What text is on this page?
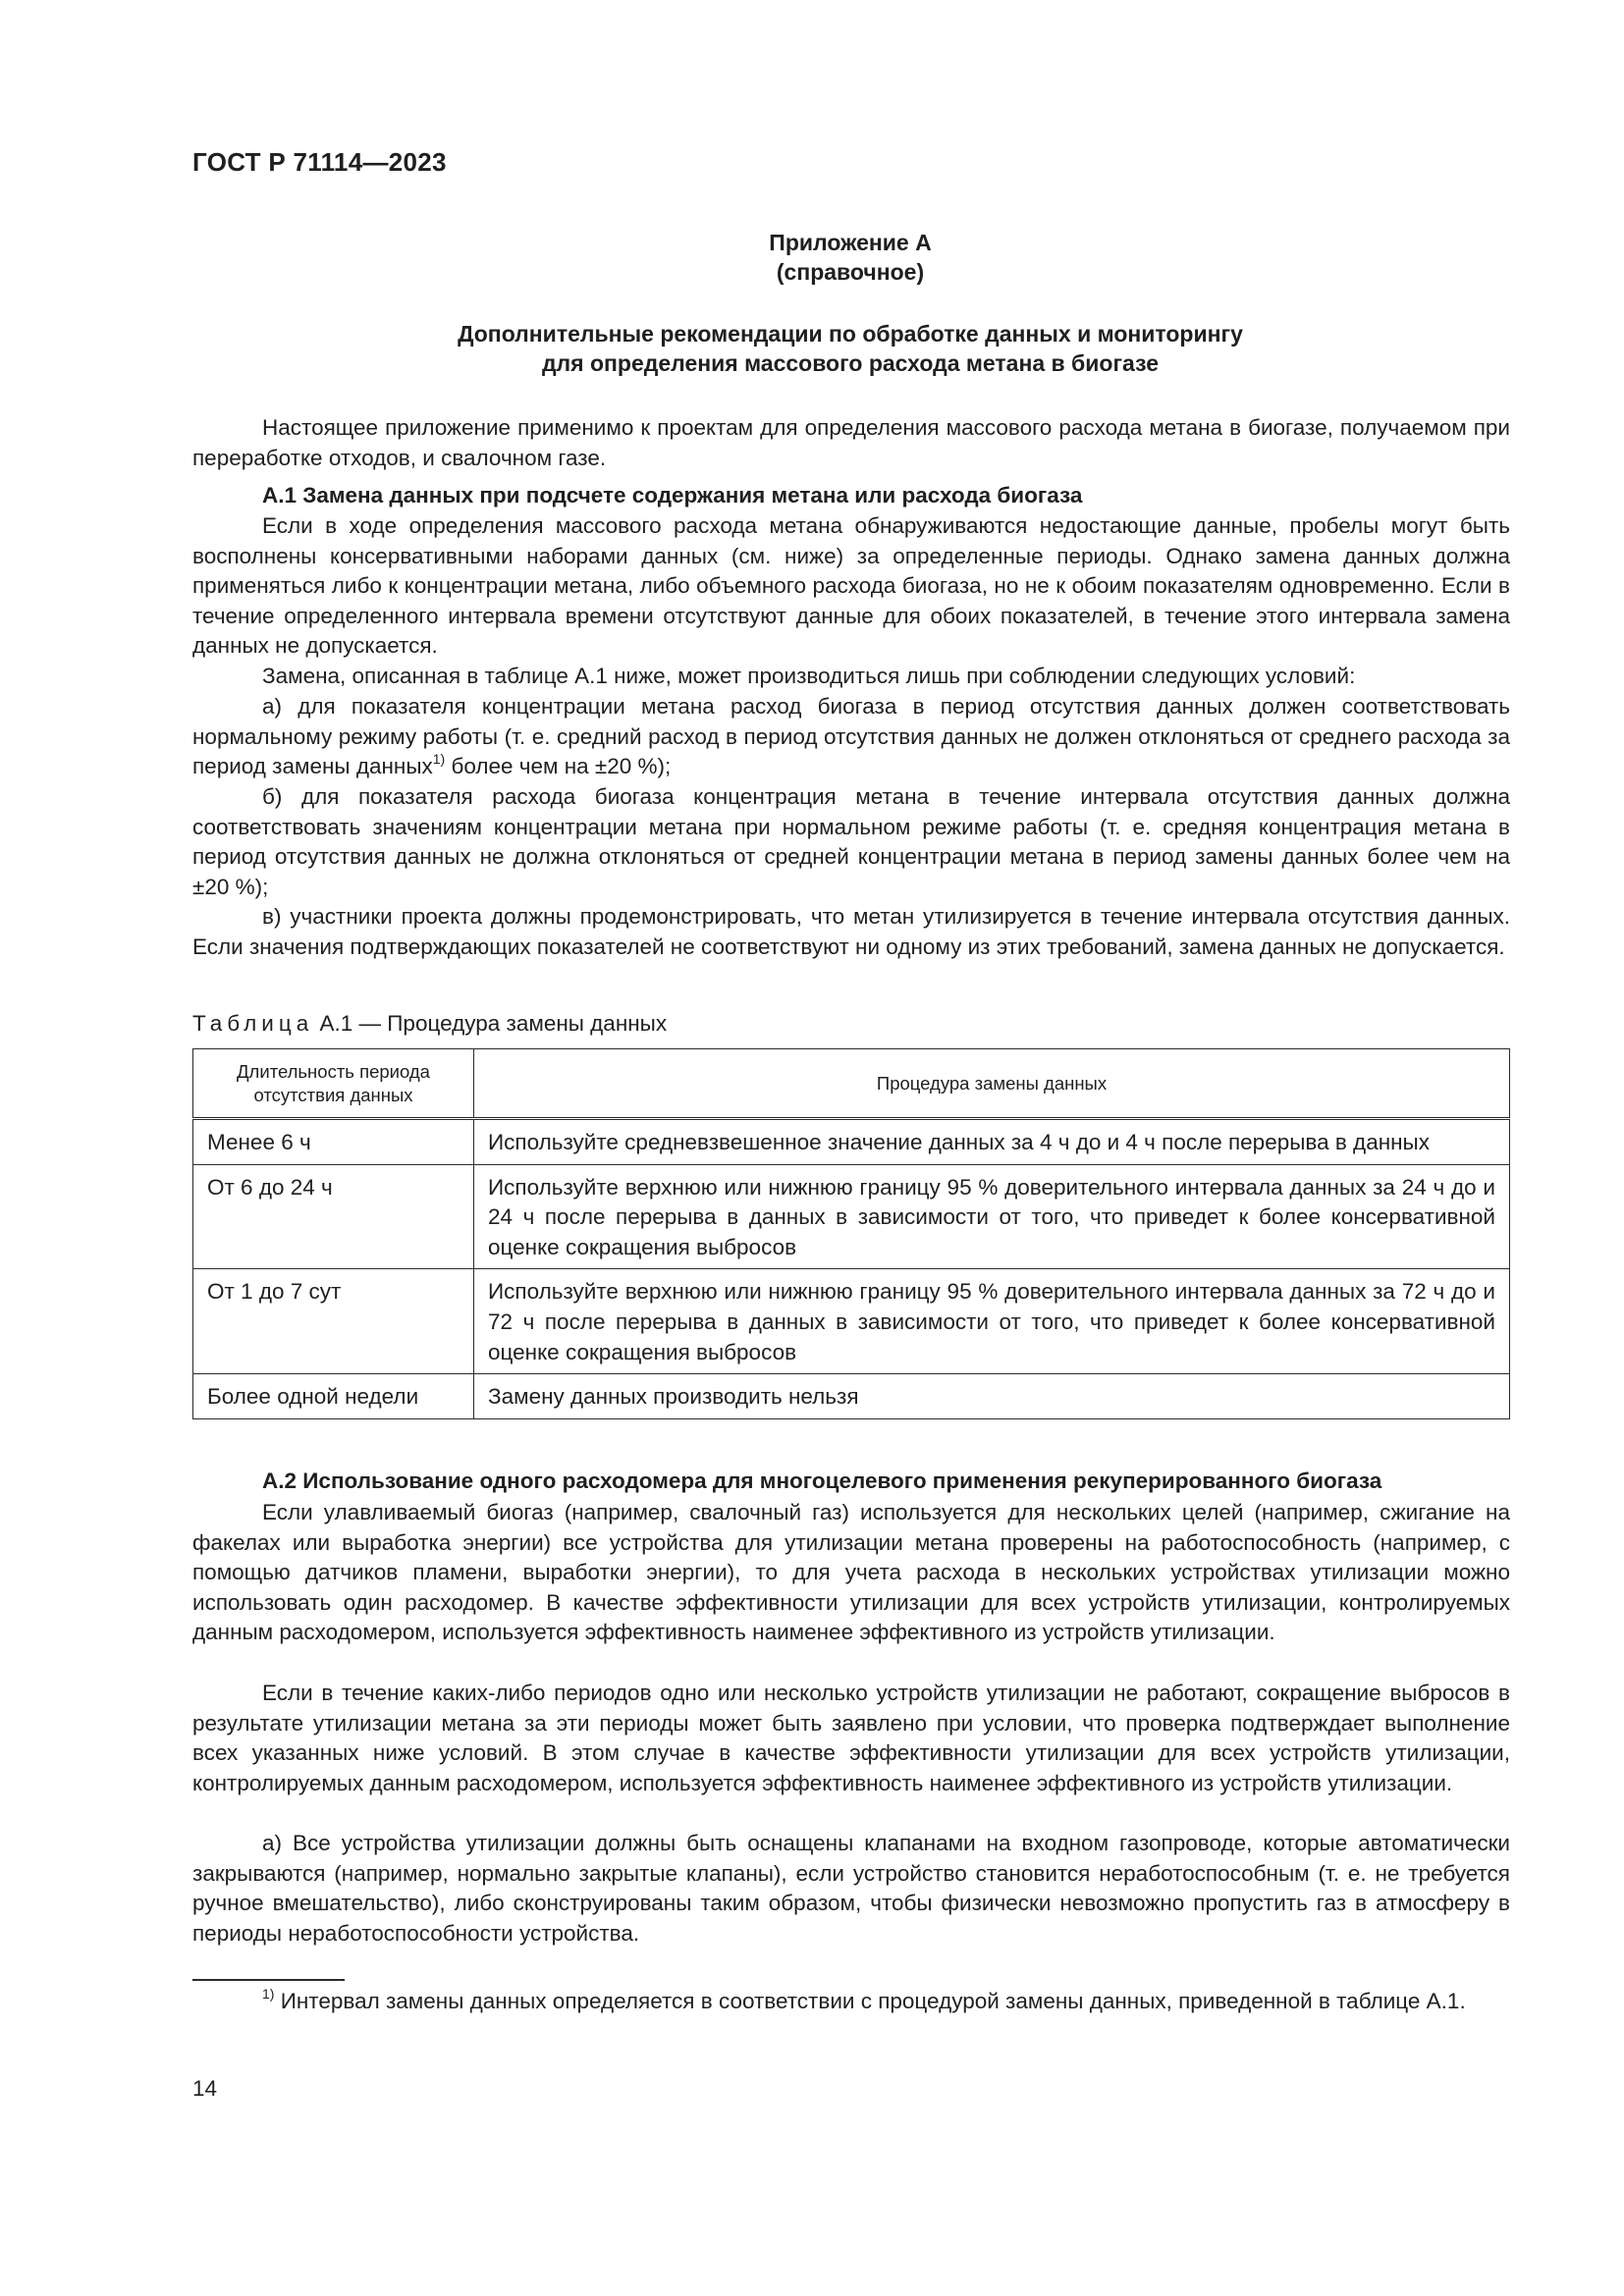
ГОСТ Р 71114—2023
Приложение А
(справочное)
Дополнительные рекомендации по обработке данных и мониторингу
для определения массового расхода метана в биогазе

Настоящее приложение применимо к проектам для определения массового расхода метана в биогазе, получаемом при переработке отходов, и свалочном газе.

А.1 Замена данных при подсчете содержания метана или расхода биогаза

Если в ходе определения массового расхода метана обнаруживаются недостающие данные, пробелы могут быть восполнены консервативными наборами данных (см. ниже) за определенные периоды. Однако замена данных должна применяться либо к концентрации метана, либо объемного расхода биогаза, но не к обоим показателям одновременно. Если в течение определенного интервала времени отсутствуют данные для обоих показателей, в течение этого интервала замена данных не допускается.

Замена, описанная в таблице А.1 ниже, может производиться лишь при соблюдении следующих условий:

а) для показателя концентрации метана расход биогаза в период отсутствия данных должен соответствовать нормальному режиму работы (т. е. средний расход в период отсутствия данных не должен отклоняться от среднего расхода за период замены данных$^{1)}$ более чем на ±20 %);

б) для показателя расхода биогаза концентрация метана в течение интервала отсутствия данных должна соответствовать значениям концентрации метана при нормальном режиме работы (т. е. средняя концентрация метана в период отсутствия данных не должна отклоняться от средней концентрации метана в период замены данных более чем на ±20 %);

в) участники проекта должны продемонстрировать, что метан утилизируется в течение интервала отсутствия данных. Если значения подтверждающих показателей не соответствуют ни одному из этих требований, замена данных не допускается.

Таблица А.1 — Процедура замены данных
Длительность периода отсутствия данных	Процедура замены данных
Менее 6 ч	Используйте средневзвешенное значение данных за 4 ч до и 4 ч после перерыва в данных
От 6 до 24 ч	Используйте верхнюю или нижнюю границу 95 % доверительного интервала данных за 24 ч до и 24 ч после перерыва в данных в зависимости от того, что приведет к более консервативной оценке сокращения выбросов
От 1 до 7 сут	Используйте верхнюю или нижнюю границу 95 % доверительного интервала данных за 72 ч до и 72 ч после перерыва в данных в зависимости от того, что приведет к более консервативной оценке сокращения выбросов
Более одной недели	Замену данных производить нельзя

А.2 Использование одного расходомера для многоцелевого применения рекуперированного биогаза

Если улавливаемый биогаз (например, свалочный газ) используется для нескольких целей (например, сжигание на факелах или выработка энергии) все устройства для утилизации метана проверены на работоспособность (например, с помощью датчиков пламени, выработки энергии), то для учета расхода в нескольких устройствах утилизации можно использовать один расходомер. В качестве эффективности утилизации для всех устройств утилизации, контролируемых данным расходомером, используется эффективность наименее эффективного из устройств утилизации.

Если в течение каких-либо периодов одно или несколько устройств утилизации не работают, сокращение выбросов в результате утилизации метана за эти периоды может быть заявлено при условии, что проверка подтверждает выполнение всех указанных ниже условий. В этом случае в качестве эффективности утилизации для всех устройств утилизации, контролируемых данным расходомером, используется эффективность наименее эффективного из устройств утилизации.

а) Все устройства утилизации должны быть оснащены клапанами на входном газопроводе, которые автоматически закрываются (например, нормально закрытые клапаны), если устройство становится неработоспособным (т. е. не требуется ручное вмешательство), либо сконструированы таким образом, чтобы физически невозможно пропустить газ в атмосферу в периоды неработоспособности устройства.

$^{1)}$ Интервал замены данных определяется в соответствии с процедурой замены данных, приведенной в таблице А.1.

14
